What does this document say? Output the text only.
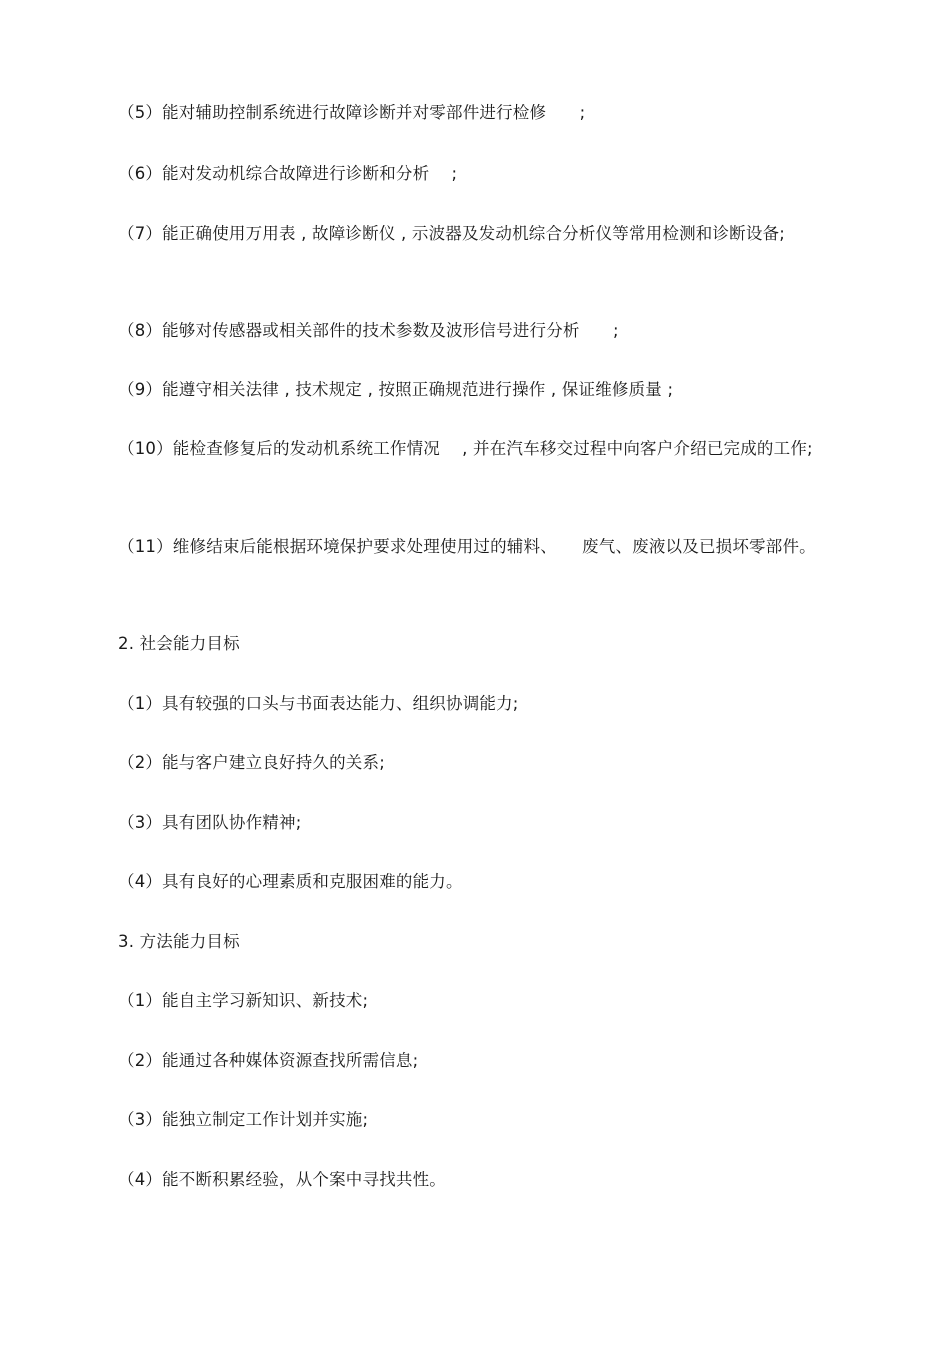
（5）能对辅助控制系统进行故障诊断并对零部件进行检修　　;
（6）能对发动机综合故障进行诊断和分析　 ;
（7）能正确使用万用表 , 故障诊断仪 , 示波器及发动机综合分析仪等常用检测和诊断设备;
（8）能够对传感器或相关部件的技术参数及波形信号进行分析　　;
（9）能遵守相关法律 , 技术规定 , 按照正确规范进行操作 , 保证维修质量 ;
（10）能检查修复后的发动机系统工作情况　 , 并在汽车移交过程中向客户介绍已完成的工作;
（11）维修结束后能根据环境保护要求处理使用过的辅料、　　废气、废液以及已损坏零部件。
2. 社会能力目标
（1）具有较强的口头与书面表达能力、组织协调能力;
（2）能与客户建立良好持久的关系;
（3）具有团队协作精神;
（4）具有良好的心理素质和克服困难的能力。
3. 方法能力目标
（1）能自主学习新知识、新技术;
（2）能通过各种媒体资源查找所需信息;
（3）能独立制定工作计划并实施;
（4）能不断积累经验，从个案中寻找共性。
